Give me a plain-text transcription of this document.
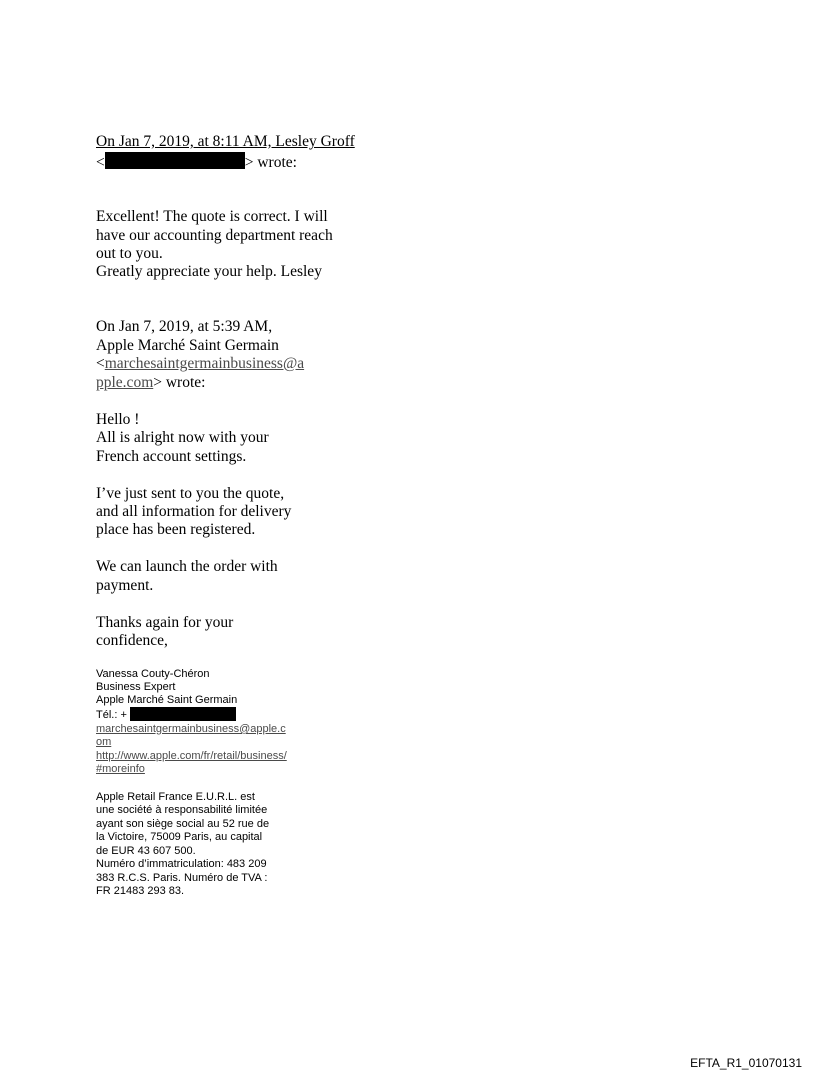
On Jan 7, 2019, at 8:11 AM, Lesley Groff
<	> wrote:
Excellent! The quote is correct. I will
have our accounting department reach
out to you.
Greatly appreciate your help. Lesley
On Jan 7, 2019, at 5:39 AM,
Apple Marché Saint Germain
<marchesaintgermainbusiness@a
pple.com> wrote:
Hello !
All is alright now with your
French account settings.
I’ve just sent to you the quote,
and all information for delivery
place has been registered.
We can launch the order with
payment.
Thanks again for your
confidence,
Vanessa Couty-Chéron
Business Expert
Apple Marché Saint Germain
Tél.: +
marchesaintgermainbusiness@apple.c
om
http://www.apple.com/fr/retail/business/
#moreinfo
Apple Retail France E.U.R.L. est
une société à responsabilité limitée
ayant son siège social au 52 rue de
la Victoire, 75009 Paris, au capital
de EUR 43 607 500.
Numéro d’immatriculation: 483 209
383 R.C.S. Paris. Numéro de TVA :
FR 21483 293 83.
EFTA_R1_01070131
